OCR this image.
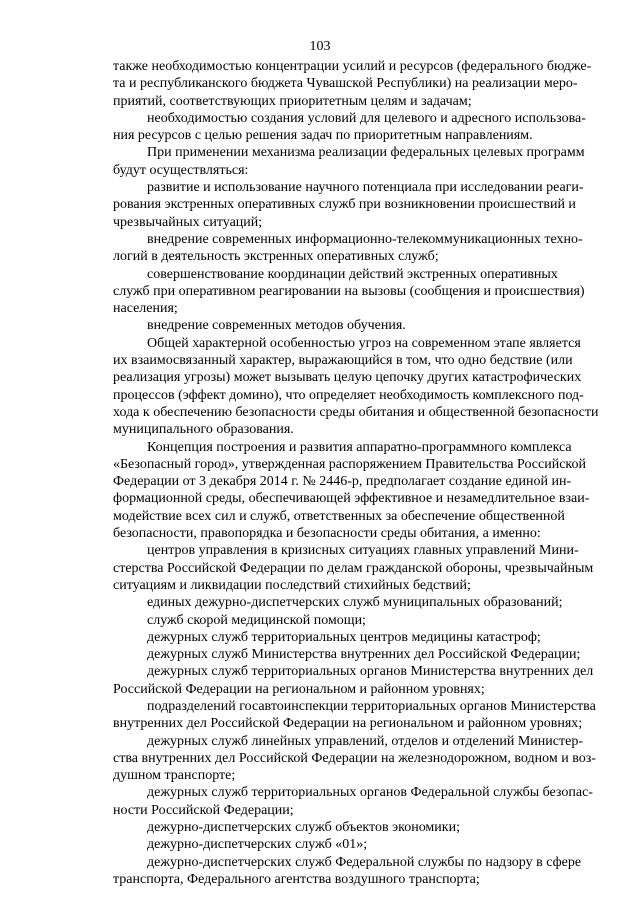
103
также необходимостью концентрации усилий и ресурсов (федерального бюдже-
та и республиканского бюджета Чувашской Республики) на реализации меро-
приятий, соответствующих приоритетным целям и задачам;
необходимостью создания условий для целевого и адресного использова-
ния ресурсов с целью решения задач по приоритетным направлениям.
При применении механизма реализации федеральных целевых программ
будут осуществляться:
развитие и использование научного потенциала при исследовании реаги-
рования экстренных оперативных служб при возникновении происшествий и
чрезвычайных ситуаций;
внедрение современных информационно-телекоммуникационных техно-
логий в деятельность экстренных оперативных служб;
совершенствование координации действий экстренных оперативных
служб при оперативном реагировании на вызовы (сообщения и происшествия)
населения;
внедрение современных методов обучения.
Общей характерной особенностью угроз на современном этапе является
их взаимосвязанный характер, выражающийся в том, что одно бедствие (или
реализация угрозы) может вызывать целую цепочку других катастрофических
процессов (эффект домино), что определяет необходимость комплексного под-
хода к обеспечению безопасности среды обитания и общественной безопасности
муниципального образования.
Концепция построения и развития аппаратно-программного комплекса
«Безопасный город», утвержденная распоряжением Правительства Российской
Федерации от 3 декабря 2014 г. № 2446-р, предполагает создание единой ин-
формационной среды, обеспечивающей эффективное и незамедлительное взаи-
модействие всех сил и служб, ответственных за обеспечение общественной
безопасности, правопорядка и безопасности среды обитания, а именно:
центров управления в кризисных ситуациях главных управлений Мини-
стерства Российской Федерации по делам гражданской обороны, чрезвычайным
ситуациям и ликвидации последствий стихийных бедствий;
единых дежурно-диспетчерских служб муниципальных образований;
служб скорой медицинской помощи;
дежурных служб территориальных центров медицины катастроф;
дежурных служб Министерства внутренних дел Российской Федерации;
дежурных служб территориальных органов Министерства внутренних дел
Российской Федерации на региональном и районном уровнях;
подразделений госавтоинспекции территориальных органов Министерства
внутренних дел Российской Федерации на региональном и районном уровнях;
дежурных служб линейных управлений, отделов и отделений Министер-
ства внутренних дел Российской Федерации на железнодорожном, водном и воз-
душном транспорте;
дежурных служб территориальных органов Федеральной службы безопас-
ности Российской Федерации;
дежурно-диспетчерских служб объектов экономики;
дежурно-диспетчерских служб «01»;
дежурно-диспетчерских служб Федеральной службы по надзору в сфере
транспорта, Федерального агентства воздушного транспорта;
